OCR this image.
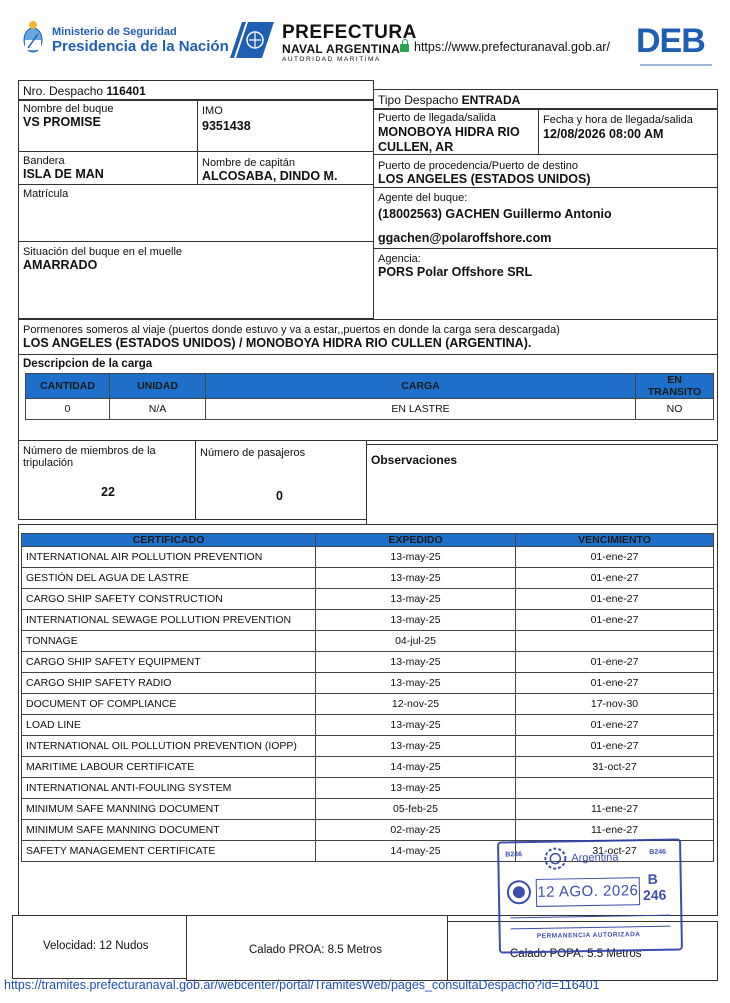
Ministerio de Seguridad
Presidencia de la Nación
PREFECTURA
NAVAL ARGENTINA
AUTORIDAD MARITIMA
https://www.prefecturanaval.gob.ar/ DEB
Nro. Despacho 116401
Tipo Despacho ENTRADA
Nombre del buque
VS PROMISE
IMO
9351438
Puerto de llegada/salida
MONOBOYA HIDRA RIO CULLEN, AR
Fecha y hora de llegada/salida
12/08/2026 08:00 AM
Bandera
ISLA DE MAN
Nombre de capitán
ALCOSABA, DINDO M.
Puerto de procedencia/Puerto de destino
LOS ANGELES (ESTADOS UNIDOS)
Matrícula	Agente del buque:
(18002563) GACHEN Guillermo Antonio
ggachen@polaroffshore.com
Situación del buque en el muelle
AMARRADO	Agencia:
PORS Polar Offshore SRL
Pormenores someros al viaje (puertos donde estuvo y va a estar,,puertos en donde la carga sera descargada)
LOS ANGELES (ESTADOS UNIDOS) / MONOBOYA HIDRA RIO CULLEN (ARGENTINA).
Descripcion de la carga
CANTIDAD	UNIDAD	CARGA	EN TRANSITO
0	N/A	EN LASTRE	NO
Número de miembros de la tripulación
22
Número de pasajeros
0
Observaciones
CERTIFICADO	EXPEDIDO	VENCIMIENTO
INTERNATIONAL AIR POLLUTION PREVENTION	13-may-25	01-ene-27
GESTIÓN DEL AGUA DE LASTRE	13-may-25	01-ene-27
CARGO SHIP SAFETY CONSTRUCTION	13-may-25	01-ene-27
INTERNATIONAL SEWAGE POLLUTION PREVENTION	13-may-25	01-ene-27
TONNAGE	04-jul-25	
CARGO SHIP SAFETY EQUIPMENT	13-may-25	01-ene-27
CARGO SHIP SAFETY RADIO	13-may-25	01-ene-27
DOCUMENT OF COMPLIANCE	12-nov-25	17-nov-30
LOAD LINE	13-may-25	01-ene-27
INTERNATIONAL OIL POLLUTION PREVENTION (IOPP)	13-may-25	01-ene-27
MARITIME LABOUR CERTIFICATE	14-may-25	31-oct-27
INTERNATIONAL ANTI-FOULING SYSTEM	13-may-25	
MINIMUM SAFE MANNING DOCUMENT	05-feb-25	11-ene-27
MINIMUM SAFE MANNING DOCUMENT	02-may-25	11-ene-27
SAFETY MANAGEMENT CERTIFICATE	14-may-25	31-oct-27
Velocidad: 12 Nudos	Calado PROA: 8.5 Metros	Calado POPA: 5.5 Metros
B246	Argentina	B246
12 AGO. 2026
B
246
PERMANENCIA AUTORIZADA
https://tramites.prefecturanaval.gob.ar/webcenter/portal/TramitesWeb/pages_consultaDespacho?id=116401
